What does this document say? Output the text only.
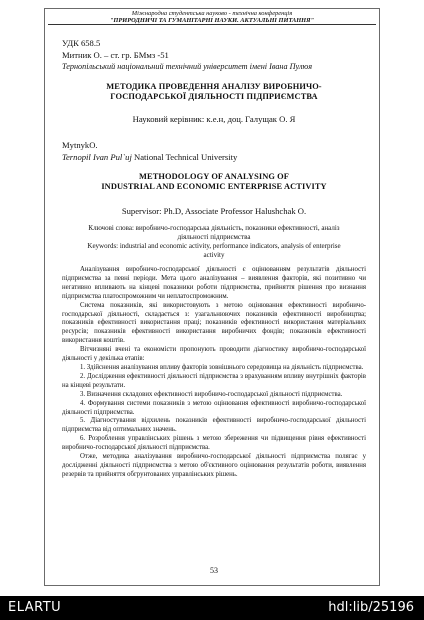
Міжнародна студентська науково - технічна конференція
"ПРИРОДНИЧІ ТА ГУМАНІТАРНІ НАУКИ. АКТУАЛЬНІ ПИТАННЯ"
УДК 658.5
Митник О. – ст. гр. БМмз -51
Тернопільський національний технічний університет імені Івана Пулюя
МЕТОДИКА ПРОВЕДЕННЯ АНАЛІЗУ ВИРОБНИЧО-
ГОСПОДАРСЬКОЇ ДІЯЛЬНОСТІ ПІДПРИЄМСТВА
Науковий керівник: к.е.н, доц. Галущак О. Я
MytnykO.
Ternopil Ivan Pul`uj National Technical University
METHODOLOGY OF ANALYSING OF
INDUSTRIAL AND ECONOMIC ENTERPRISE ACTIVITY
Supervisor: Ph.D, Associate Professor Halushchak O.
Ключові слова: виробничо-господарська діяльність, показники ефективності, аналіз
діяльності підприємства
Keywords: industrial and economic activity, performance indicators, analysis of enterprise
activity

Аналізування виробничо-господарської діяльності є оцінюванням результатів діяльності підприємства за певні періоди. Мета цього аналізування – виявлення факторів, які позитивно чи негативно впливають на кінцеві показники роботи підприємства, прийняття рішення про визнання підприємства платоспроможним чи неплатоспроможним.

Система показників, які використовують з метою оцінювання ефективності виробничо-господарської діяльності, складається з: узагальнюючих показників ефективності виробництва; показників ефективності використання праці; показників ефективності використання матеріальних ресурсів; показників ефективності використання виробничих фондів; показників ефективності використання коштів.

Вітчизняні вчені та економісти пропонують проводити діагностику виробничо-господарської діяльності у декілька етапів:

1. Здійснення аналізування впливу факторів зовнішнього середовища на діяльність підприємства.

2. Дослідження ефективності діяльності підприємства з врахуванням впливу внутрішніх факторів на кінцеві результати.

3. Визначення складових ефективності виробничо-господарської діяльності підприємства.

4. Формування системи показників з метою оцінювання ефективності виробничо-господарської діяльності підприємства.

5. Діагностування відхилень показників ефективності виробничо-господарської діяльності підприємства від оптимальних значень.

6. Розроблення управлінських рішень з метою збереження чи підвищення рівня ефективності виробничо-господарської діяльності підприємства.

Отже, методика аналізування виробничо-господарської діяльності підприємства полягає у дослідженні діяльності підприємства з метою об'єктивного оцінювання результатів роботи, виявлення резервів та прийняття обгрунтованих управлінських рішень.

53
ELARTU	hdl:lib/25196
